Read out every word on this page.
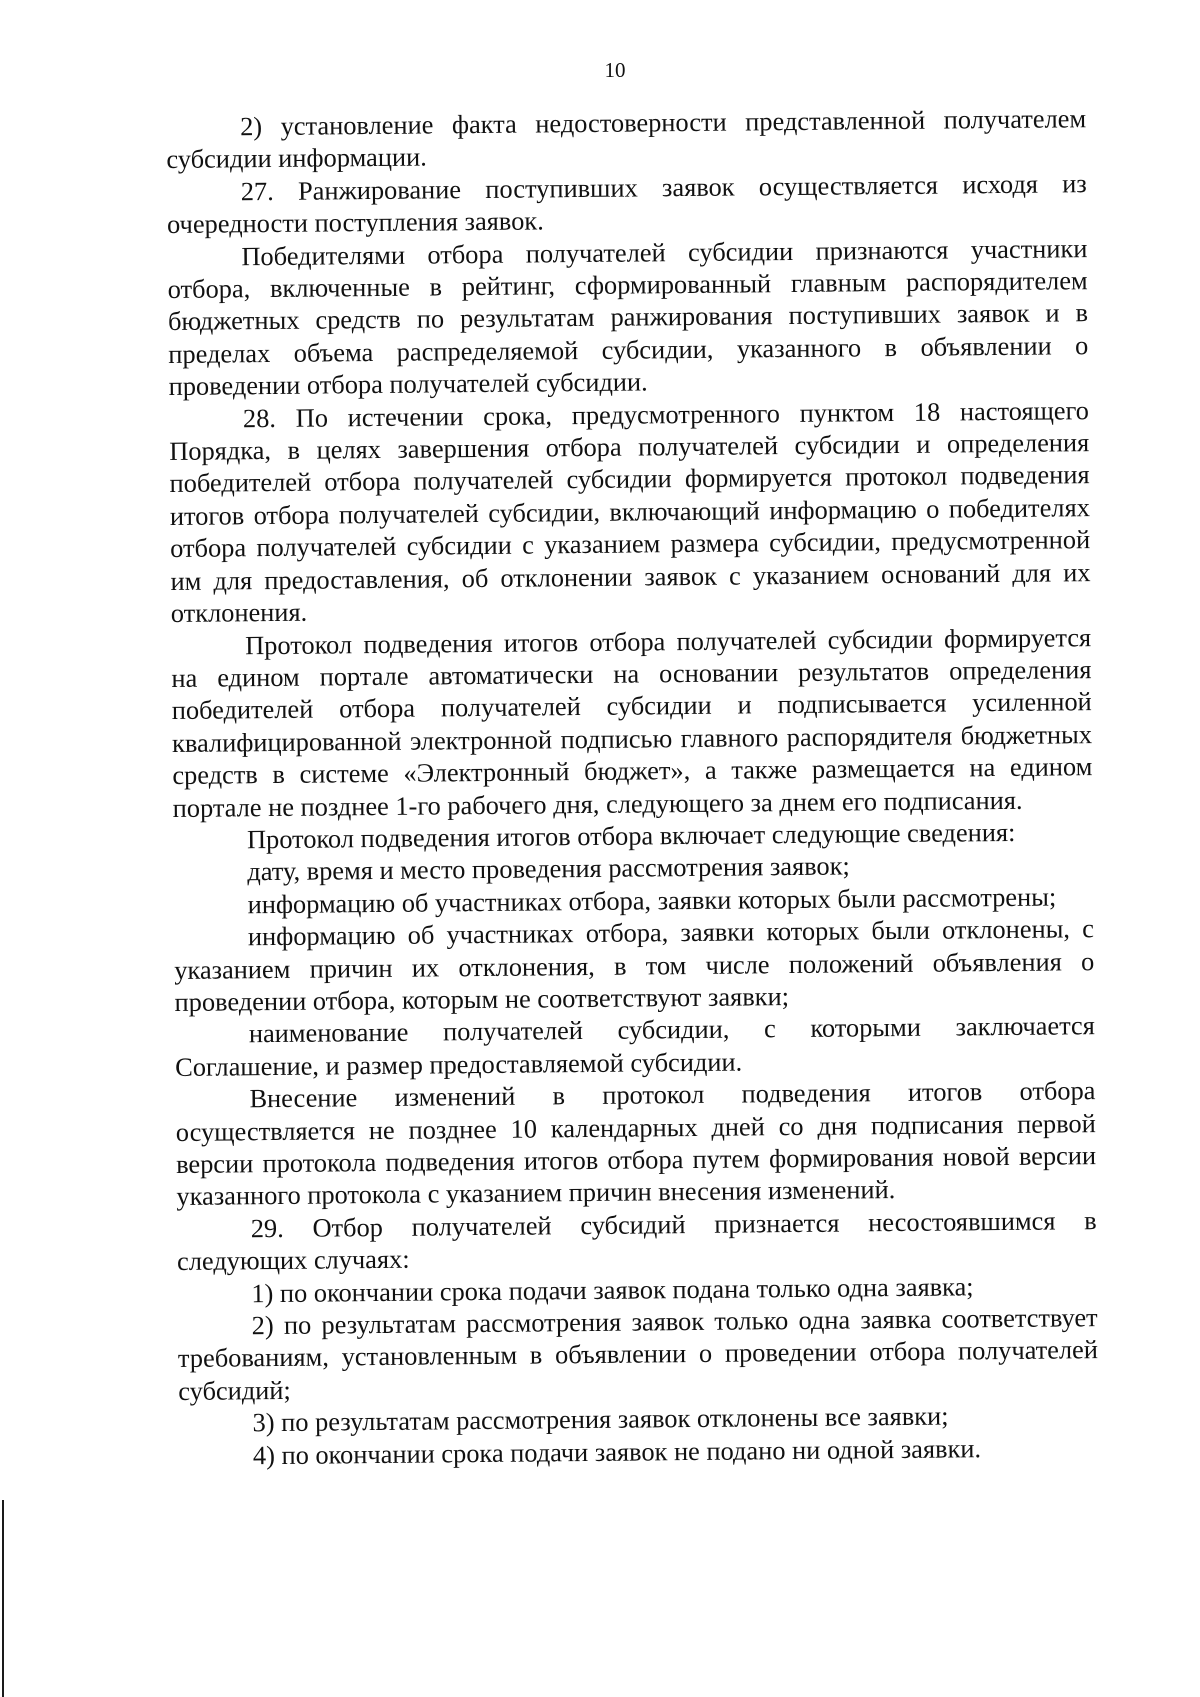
10

2) установление факта недостоверности представленной получателем субсидии информации.

27. Ранжирование поступивших заявок осуществляется исходя из очередности поступления заявок.

Победителями отбора получателей субсидии признаются участники отбора, включенные в рейтинг, сформированный главным распорядителем бюджетных средств по результатам ранжирования поступивших заявок и в пределах объема распределяемой субсидии, указанного в объявлении о проведении отбора получателей субсидии.

28. По истечении срока, предусмотренного пунктом 18 настоящего Порядка, в целях завершения отбора получателей субсидии и определения победителей отбора получателей субсидии формируется протокол подведения итогов отбора получателей субсидии, включающий информацию о победителях отбора получателей субсидии с указанием размера субсидии, предусмотренной им для предоставления, об отклонении заявок с указанием оснований для их отклонения.

Протокол подведения итогов отбора получателей субсидии формируется на едином портале автоматически на основании результатов определения победителей отбора получателей субсидии и подписывается усиленной квалифицированной электронной подписью главного распорядителя бюджетных средств в системе «Электронный бюджет», а также размещается на едином портале не позднее 1-го рабочего дня, следующего за днем его подписания.

Протокол подведения итогов отбора включает следующие сведения:

дату, время и место проведения рассмотрения заявок;

информацию об участниках отбора, заявки которых были рассмотрены;

информацию об участниках отбора, заявки которых были отклонены, с указанием причин их отклонения, в том числе положений объявления о проведении отбора, которым не соответствуют заявки;

наименование получателей субсидии, с которыми заключается Соглашение, и размер предоставляемой субсидии.

Внесение изменений в протокол подведения итогов отбора осуществляется не позднее 10 календарных дней со дня подписания первой версии протокола подведения итогов отбора путем формирования новой версии указанного протокола с указанием причин внесения изменений.

29. Отбор получателей субсидий признается несостоявшимся в следующих случаях:

1) по окончании срока подачи заявок подана только одна заявка;

2) по результатам рассмотрения заявок только одна заявка соответствует требованиям, установленным в объявлении о проведении отбора получателей субсидий;

3) по результатам рассмотрения заявок отклонены все заявки;

4) по окончании срока подачи заявок не подано ни одной заявки.
